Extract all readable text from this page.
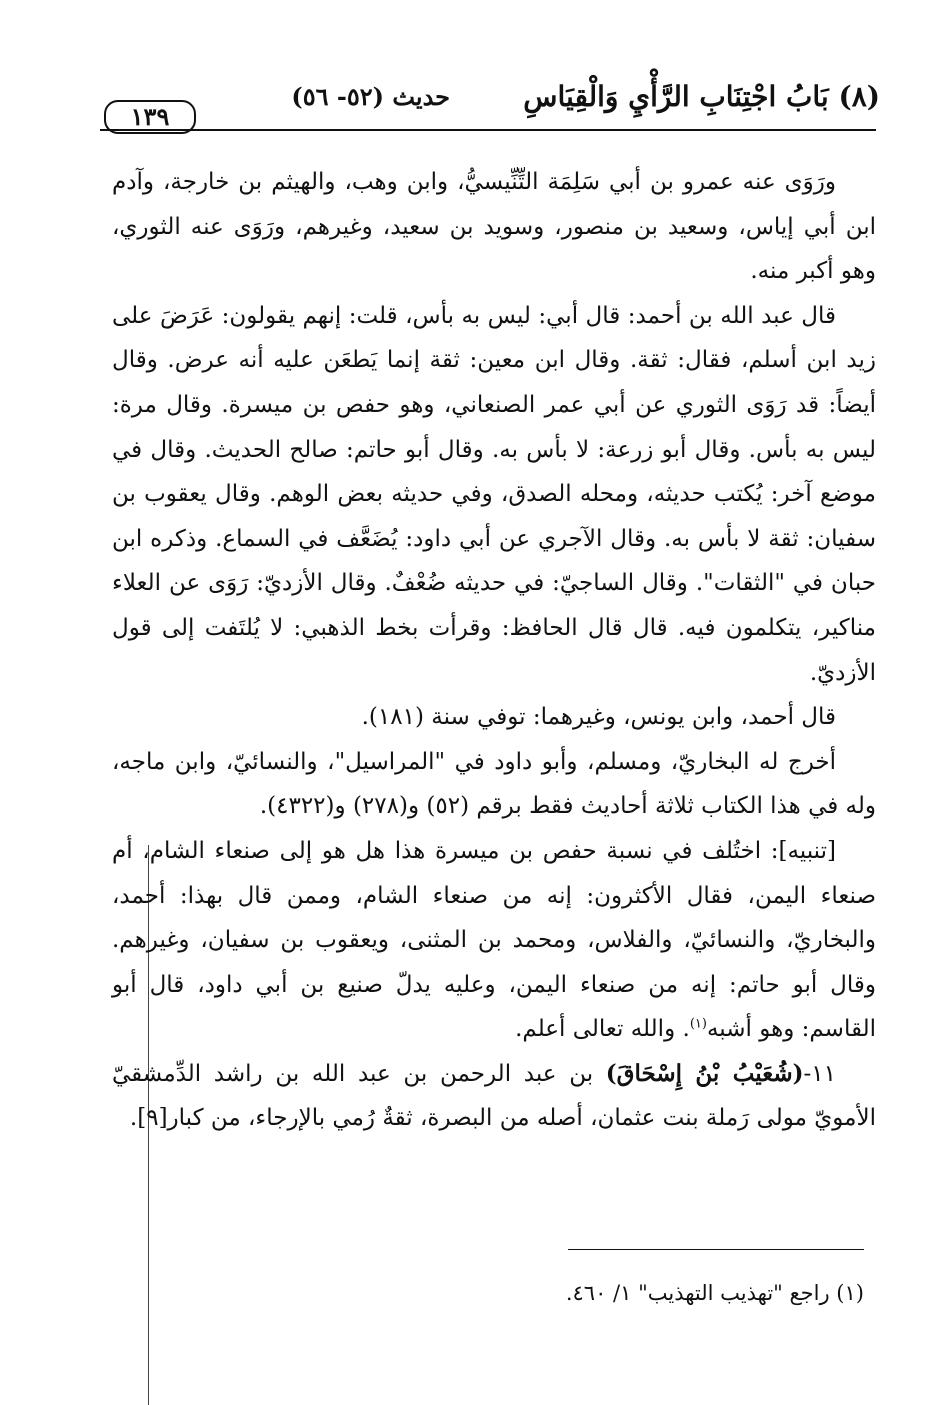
(٨) بَابُ اجْتِنَابِ الرَّأْيِ وَالْقِيَاسِ
حديث (٥٢- ٥٦)
١٣٩

ورَوَى عنه عمرو بن أبي سَلِمَة التِّنِّيسيُّ، وابن وهب، والهيثم بن خارجة، وآدم ابن أبي إياس، وسعيد بن منصور، وسويد بن سعيد، وغيرهم، ورَوَى عنه الثوري، وهو أكبر منه.

قال عبد الله بن أحمد: قال أبي: ليس به بأس، قلت: إنهم يقولون: عَرَضَ على زيد ابن أسلم، فقال: ثقة. وقال ابن معين: ثقة إنما يَطعَن عليه أنه عرض. وقال أيضاً: قد رَوَى الثوري عن أبي عمر الصنعاني، وهو حفص بن ميسرة. وقال مرة: ليس به بأس. وقال أبو زرعة: لا بأس به. وقال أبو حاتم: صالح الحديث. وقال في موضع آخر: يُكتب حديثه، ومحله الصدق، وفي حديثه بعض الوهم. وقال يعقوب بن سفيان: ثقة لا بأس به. وقال الآجري عن أبي داود: يُضَعَّف في السماع. وذكره ابن حبان في "الثقات". وقال الساجيّ: في حديثه ضُعْفٌ. وقال الأزديّ: رَوَى عن العلاء مناكير، يتكلمون فيه. قال قال الحافظ: وقرأت بخط الذهبي: لا يُلتَفت إلى قول الأزديّ.

قال أحمد، وابن يونس، وغيرهما: توفي سنة (١٨١).

أخرج له البخاريّ، ومسلم، وأبو داود في "المراسيل"، والنسائيّ، وابن ماجه، وله في هذا الكتاب ثلاثة أحاديث فقط برقم (٥٢) و(٢٧٨) و(٤٣٢٢).

[تنبيه]: اختُلف في نسبة حفص بن ميسرة هذا هل هو إلى صنعاء الشام، أم صنعاء اليمن، فقال الأكثرون: إنه من صنعاء الشام، وممن قال بهذا: أحمد، والبخاريّ، والنسائيّ، والفلاس، ومحمد بن المثنى، ويعقوب بن سفيان، وغيرهم. وقال أبو حاتم: إنه من صنعاء اليمن، وعليه يدلّ صنيع بن أبي داود، قال أبو القاسم: وهو أشبه$^{(١)}$. والله تعالى أعلم.

١١-(شُعَيْبُ بْنُ إِسْحَاقَ) بن عبد الرحمن بن عبد الله بن راشد الدِّمشقيّ الأمويّ مولى رَملة بنت عثمان، أصله من البصرة، ثقةٌ رُمي بالإرجاء، من كبار[٩].

(١) راجع "تهذيب التهذيب" ١/ ٤٦٠.
